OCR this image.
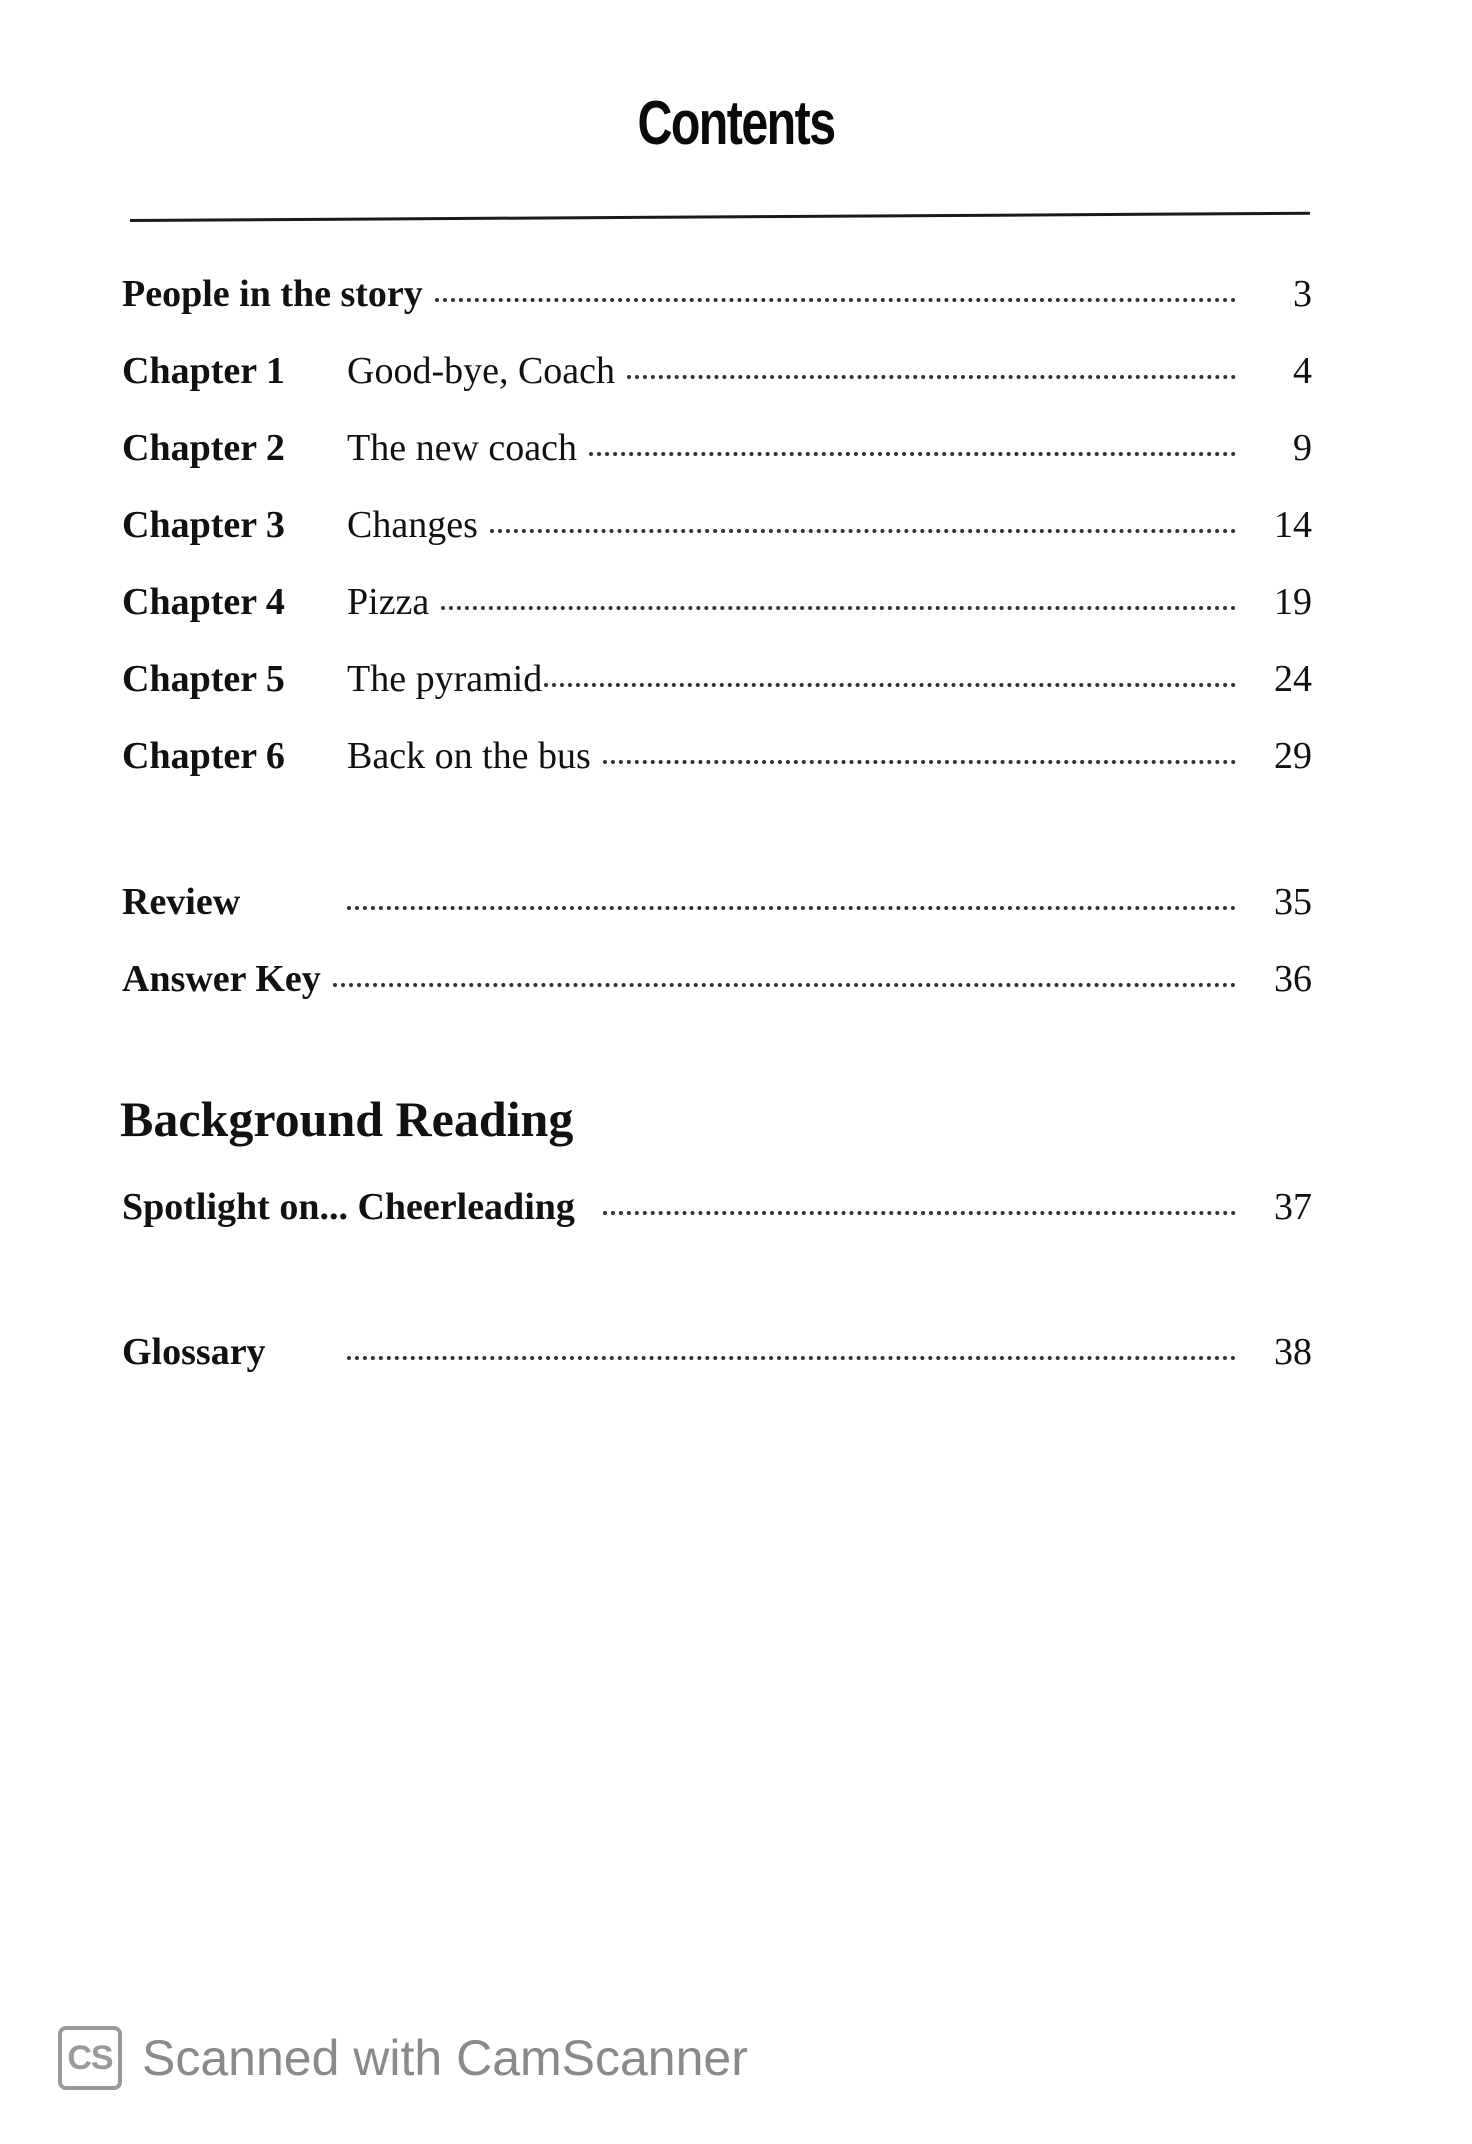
Contents
People in the story	3
Chapter 1	Good-bye, Coach	4
Chapter 2	The new coach	9
Chapter 3	Changes	14
Chapter 4	Pizza	19
Chapter 5	The pyramid	24
Chapter 6	Back on the bus	29
Review	35
Answer Key	36
Background Reading
Spotlight on... Cheerleading	37
Glossary	38
CS Scanned with CamScanner
